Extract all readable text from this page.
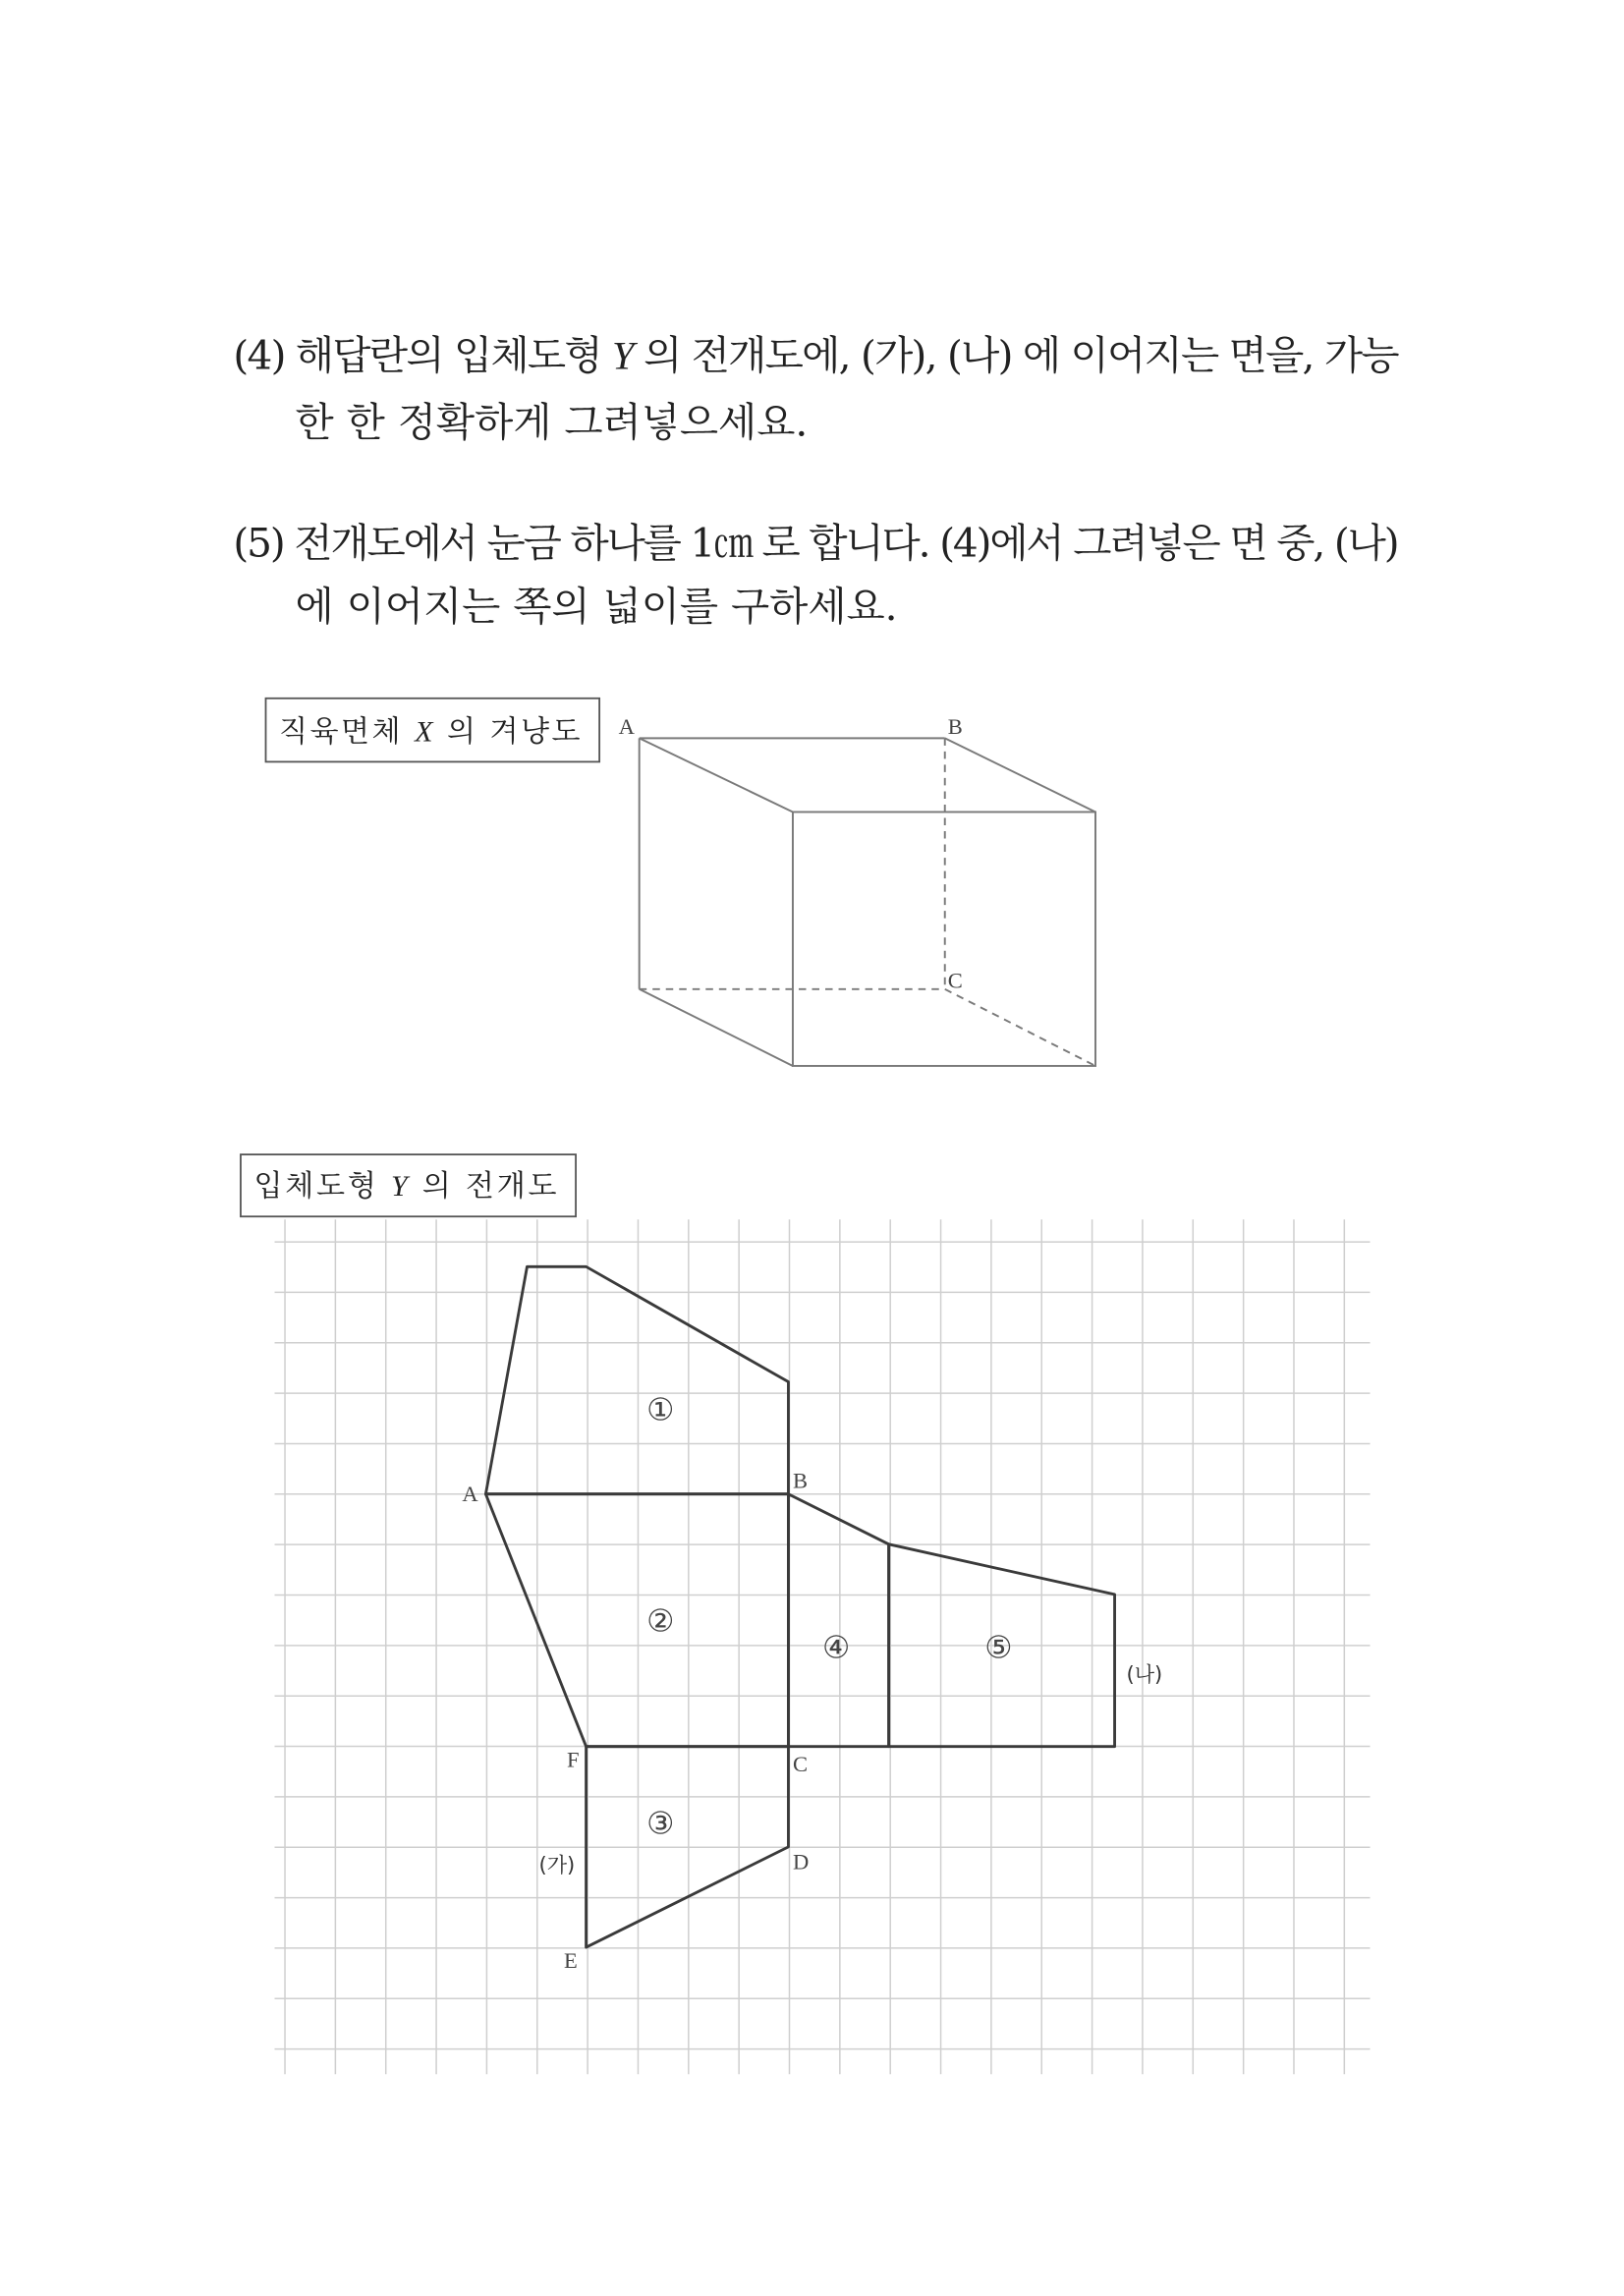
(4) 해답란의 입체도형 Y 의 전개도에, (가), (나) 에 이어지는 면을, 가능
한 한 정확하게 그려넣으세요.
(5) 전개도에서 눈금 하나를 1㎝ 로 합니다. (4)에서 그려넣은 면 중, (나)
에 이어지는 쪽의 넓이를 구하세요.
직육면체 X 의 겨냥도	A	B
C
입체도형 Y 의 전개도
A
B
C
D
E
F
①
②
③
④	⑤
(가)
(나)
